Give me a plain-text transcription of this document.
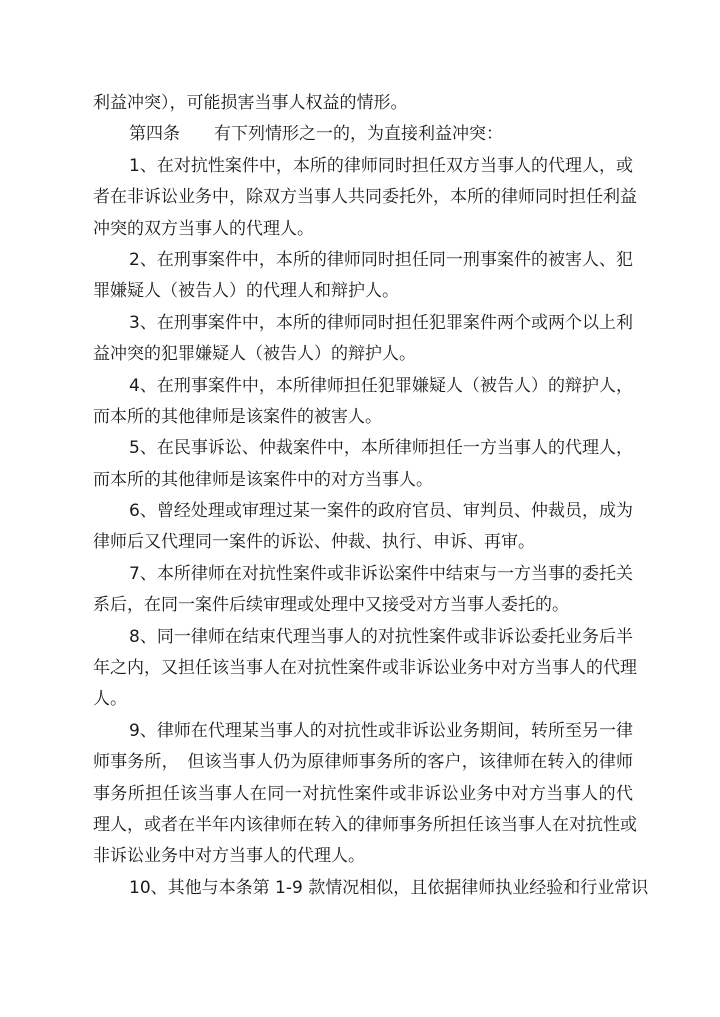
利益冲突），可能损害当事人权益的情形。
第四条　　有下列情形之一的，为直接利益冲突：
1、在对抗性案件中，本所的律师同时担任双方当事人的代理人，或
者在非诉讼业务中，除双方当事人共同委托外，本所的律师同时担任利益
冲突的双方当事人的代理人。
2、在刑事案件中，本所的律师同时担任同一刑事案件的被害人、犯
罪嫌疑人（被告人）的代理人和辩护人。
3、在刑事案件中，本所的律师同时担任犯罪案件两个或两个以上利
益冲突的犯罪嫌疑人（被告人）的辩护人。
4、在刑事案件中，本所律师担任犯罪嫌疑人（被告人）的辩护人，
而本所的其他律师是该案件的被害人。
5、在民事诉讼、仲裁案件中，本所律师担任一方当事人的代理人，
而本所的其他律师是该案件中的对方当事人。
6、曾经处理或审理过某一案件的政府官员、审判员、仲裁员，成为
律师后又代理同一案件的诉讼、仲裁、执行、申诉、再审。
7、本所律师在对抗性案件或非诉讼案件中结束与一方当事的委托关
系后，在同一案件后续审理或处理中又接受对方当事人委托的。
8、同一律师在结束代理当事人的对抗性案件或非诉讼委托业务后半
年之内，又担任该当事人在对抗性案件或非诉讼业务中对方当事人的代理
人。
9、律师在代理某当事人的对抗性或非诉讼业务期间，转所至另一律
师事务所，　但该当事人仍为原律师事务所的客户，该律师在转入的律师
事务所担任该当事人在同一对抗性案件或非诉讼业务中对方当事人的代
理人，或者在半年内该律师在转入的律师事务所担任该当事人在对抗性或
非诉讼业务中对方当事人的代理人。
10、其他与本条第 1-9 款情况相似，且依据律师执业经验和行业常识
